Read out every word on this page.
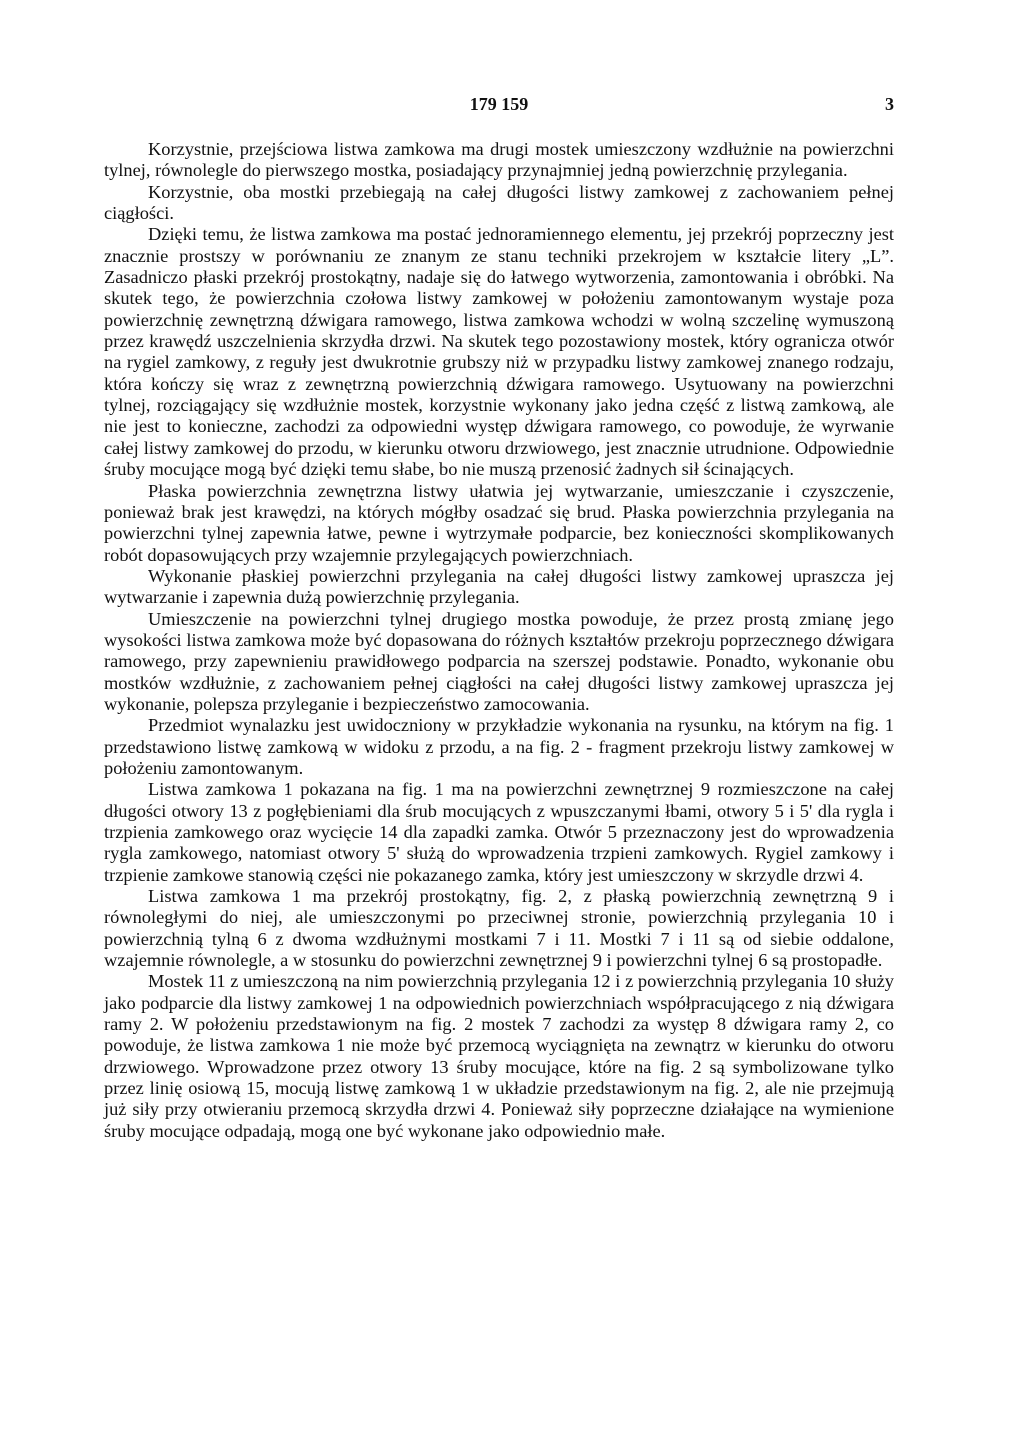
179 159	3

Korzystnie, przejściowa listwa zamkowa ma drugi mostek umieszczony wzdłużnie na powierzchni tylnej, równolegle do pierwszego mostka, posiadający przynajmniej jedną powierzchnię przylegania.

Korzystnie, oba mostki przebiegają na całej długości listwy zamkowej z zachowaniem pełnej ciągłości.

Dzięki temu, że listwa zamkowa ma postać jednoramiennego elementu, jej przekrój poprzeczny jest znacznie prostszy w porównaniu ze znanym ze stanu techniki przekrojem w kształcie litery „L”. Zasadniczo płaski przekrój prostokątny, nadaje się do łatwego wytworzenia, zamontowania i obróbki. Na skutek tego, że powierzchnia czołowa listwy zamkowej w położeniu zamontowanym wystaje poza powierzchnię zewnętrzną dźwigara ramowego, listwa zamkowa wchodzi w wolną szczelinę wymuszoną przez krawędź uszczelnienia skrzydła drzwi. Na skutek tego pozostawiony mostek, który ogranicza otwór na rygiel zamkowy, z reguły jest dwukrotnie grubszy niż w przypadku listwy zamkowej znanego rodzaju, która kończy się wraz z zewnętrzną powierzchnią dźwigara ramowego. Usytuowany na powierzchni tylnej, rozciągający się wzdłużnie mostek, korzystnie wykonany jako jedna część z listwą zamkową, ale nie jest to konieczne, zachodzi za odpowiedni występ dźwigara ramowego, co powoduje, że wyrwanie całej listwy zamkowej do przodu, w kierunku otworu drzwiowego, jest znacznie utrudnione. Odpowiednie śruby mocujące mogą być dzięki temu słabe, bo nie muszą przenosić żadnych sił ścinających.

Płaska powierzchnia zewnętrzna listwy ułatwia jej wytwarzanie, umieszczanie i czyszczenie, ponieważ brak jest krawędzi, na których mógłby osadzać się brud. Płaska powierzchnia przylegania na powierzchni tylnej zapewnia łatwe, pewne i wytrzymałe podparcie, bez konieczności skomplikowanych robót dopasowujących przy wzajemnie przylegających powierzchniach.

Wykonanie płaskiej powierzchni przylegania na całej długości listwy zamkowej upraszcza jej wytwarzanie i zapewnia dużą powierzchnię przylegania.

Umieszczenie na powierzchni tylnej drugiego mostka powoduje, że przez prostą zmianę jego wysokości listwa zamkowa może być dopasowana do różnych kształtów przekroju poprzecznego dźwigara ramowego, przy zapewnieniu prawidłowego podparcia na szerszej podstawie. Ponadto, wykonanie obu mostków wzdłużnie, z zachowaniem pełnej ciągłości na całej długości listwy zamkowej upraszcza jej wykonanie, polepsza przyleganie i bezpieczeństwo zamocowania.

Przedmiot wynalazku jest uwidoczniony w przykładzie wykonania na rysunku, na którym na fig. 1 przedstawiono listwę zamkową w widoku z przodu, a na fig. 2 - fragment przekroju listwy zamkowej w położeniu zamontowanym.

Listwa zamkowa 1 pokazana na fig. 1 ma na powierzchni zewnętrznej 9 rozmieszczone na całej długości otwory 13 z pogłębieniami dla śrub mocujących z wpuszczanymi łbami, otwory 5 i 5' dla rygla i trzpienia zamkowego oraz wycięcie 14 dla zapadki zamka. Otwór 5 przeznaczony jest do wprowadzenia rygla zamkowego, natomiast otwory 5' służą do wprowadzenia trzpieni zamkowych. Rygiel zamkowy i trzpienie zamkowe stanowią części nie pokazanego zamka, który jest umieszczony w skrzydle drzwi 4.

Listwa zamkowa 1 ma przekrój prostokątny, fig. 2, z płaską powierzchnią zewnętrzną 9 i równoległymi do niej, ale umieszczonymi po przeciwnej stronie, powierzchnią przylegania 10 i powierzchnią tylną 6 z dwoma wzdłużnymi mostkami 7 i 11. Mostki 7 i 11 są od siebie oddalone, wzajemnie równolegle, a w stosunku do powierzchni zewnętrznej 9 i powierzchni tylnej 6 są prostopadłe.

Mostek 11 z umieszczoną na nim powierzchnią przylegania 12 i z powierzchnią przylegania 10 służy jako podparcie dla listwy zamkowej 1 na odpowiednich powierzchniach współpracującego z nią dźwigara ramy 2. W położeniu przedstawionym na fig. 2 mostek 7 zachodzi za występ 8 dźwigara ramy 2, co powoduje, że listwa zamkowa 1 nie może być przemocą wyciągnięta na zewnątrz w kierunku do otworu drzwiowego. Wprowadzone przez otwory 13 śruby mocujące, które na fig. 2 są symbolizowane tylko przez linię osiową 15, mocują listwę zamkową 1 w układzie przedstawionym na fig. 2, ale nie przejmują już siły przy otwieraniu przemocą skrzydła drzwi 4. Ponieważ siły poprzeczne działające na wymienione śruby mocujące odpadają, mogą one być wykonane jako odpowiednio małe.
